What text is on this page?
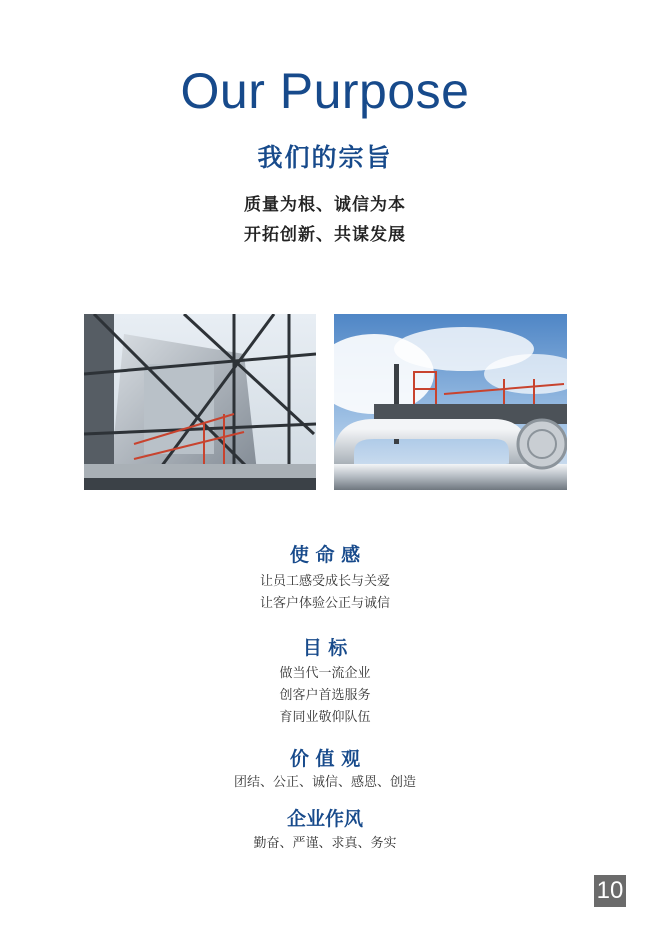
Our Purpose
我们的宗旨
质量为根、诚信为本
开拓创新、共谋发展
使 命 感
让员工感受成长与关爱
让客户体验公正与诚信
目 标
做当代一流企业
创客户首选服务
育同业敬仰队伍
价 值 观
团结、公正、诚信、感恩、创造
企业作风
勤奋、严谨、求真、务实
10
